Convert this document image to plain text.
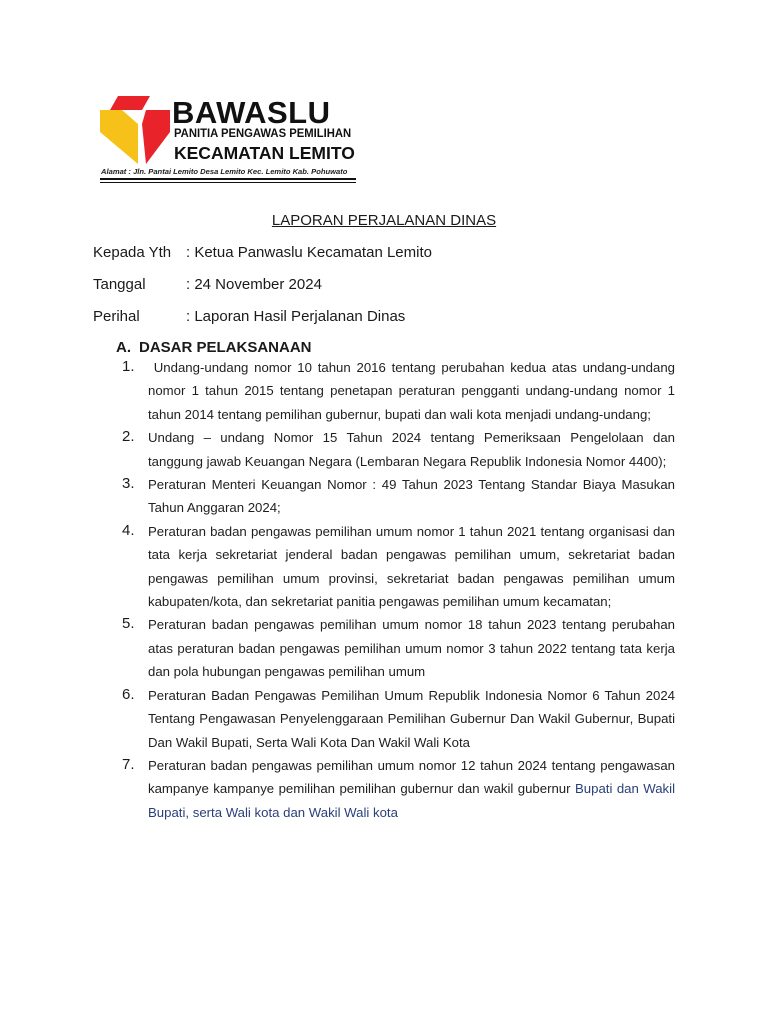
BAWASLU
PANITIA PENGAWAS PEMILIHAN
KECAMATAN LEMITO
Alamat : Jln. Pantai Lemito Desa Lemito Kec. Lemito Kab. Pohuwato
LAPORAN PERJALANAN DINAS
Kepada Yth : Ketua Panwaslu Kecamatan Lemito
Tanggal	: 24 November 2024
Perihal	: Laporan Hasil Perjalanan Dinas
A. DASAR PELAKSANAAN
1. Undang-undang nomor 10 tahun 2016 tentang perubahan kedua atas undang-undang nomor 1 tahun 2015 tentang penetapan peraturan pengganti undang-undang nomor 1 tahun 2014 tentang pemilihan gubernur, bupati dan wali kota menjadi undang-undang;
2. Undang – undang Nomor 15 Tahun 2024 tentang Pemeriksaan Pengelolaan dan tanggung jawab Keuangan Negara (Lembaran Negara Republik Indonesia Nomor 4400);
3. Peraturan Menteri Keuangan Nomor : 49 Tahun 2023 Tentang Standar Biaya Masukan Tahun Anggaran 2024;
4. Peraturan badan pengawas pemilihan umum nomor 1 tahun 2021 tentang organisasi dan tata kerja sekretariat jenderal badan pengawas pemilihan umum, sekretariat badan pengawas pemilihan umum provinsi, sekretariat badan pengawas pemilihan umum kabupaten/kota, dan sekretariat panitia pengawas pemilihan umum kecamatan;
5. Peraturan badan pengawas pemilihan umum nomor 18 tahun 2023 tentang perubahan atas peraturan badan pengawas pemilihan umum nomor 3 tahun 2022 tentang tata kerja dan pola hubungan pengawas pemilihan umum
6. Peraturan Badan Pengawas Pemilihan Umum Republik Indonesia Nomor 6 Tahun 2024 Tentang Pengawasan Penyelenggaraan Pemilihan Gubernur Dan Wakil Gubernur, Bupati Dan Wakil Bupati, Serta Wali Kota Dan Wakil Wali Kota
7. Peraturan badan pengawas pemilihan umum nomor 12 tahun 2024 tentang pengawasan kampanye kampanye pemilihan pemilihan gubernur dan wakil gubernur Bupati dan Wakil Bupati, serta Wali kota dan Wakil Wali kota
